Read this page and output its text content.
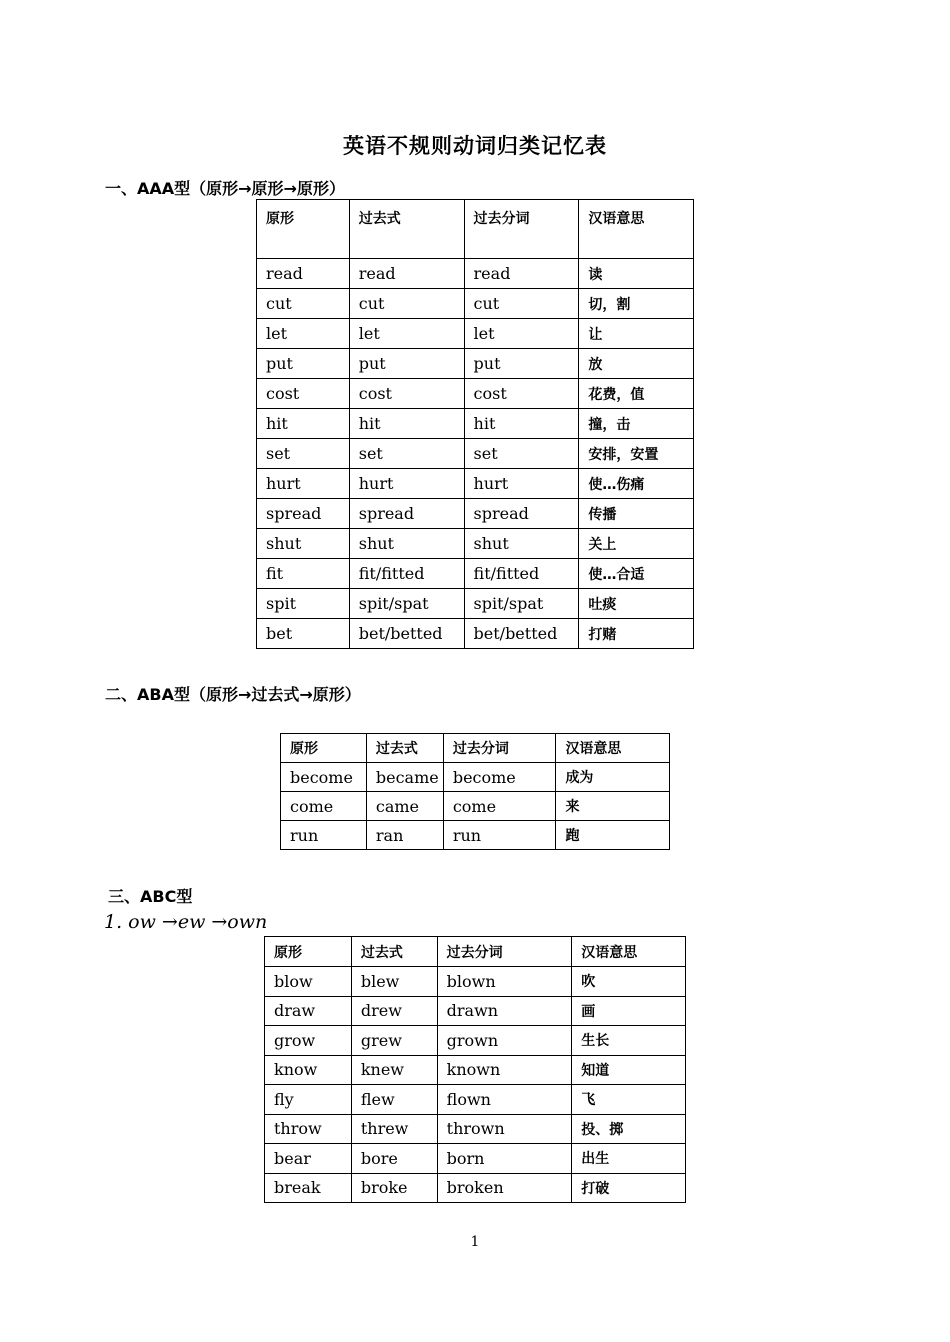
英语不规则动词归类记忆表
一、AAA型（原形→原形→原形）
原形	过去式	过去分词	汉语意思
read	read	read	读
cut	cut	cut	切，割
let	let	let	让
put	put	put	放
cost	cost	cost	花费，值
hit	hit	hit	撞，击
set	set	set	安排，安置
hurt	hurt	hurt	使…伤痛
spread	spread	spread	传播
shut	shut	shut	关上
fit	fit/fitted	fit/fitted	使…合适
spit	spit/spat	spit/spat	吐痰
bet	bet/betted	bet/betted	打赌
二、ABA型（原形→过去式→原形）
原形	过去式	过去分词	汉语意思
become	became	become	成为
come	came	come	来
run	ran	run	跑
三、ABC型
1. ow →ew →own
原形	过去式	过去分词	汉语意思
blow	blew	blown	吹
draw	drew	drawn	画
grow	grew	grown	生长
know	knew	known	知道
fly	flew	flown	飞
throw	threw	thrown	投、掷
bear	bore	born	出生
break	broke	broken	打破
1
